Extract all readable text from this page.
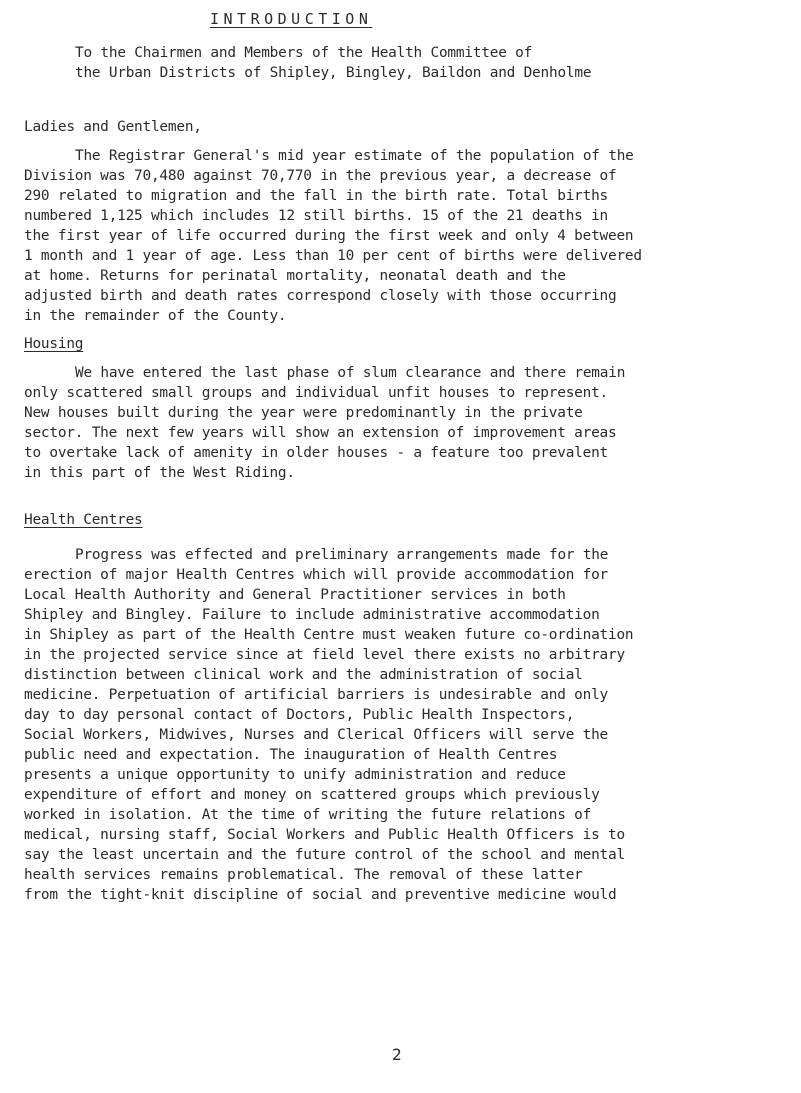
INTRODUCTION
To the Chairmen and Members of the Health Committee of
the Urban Districts of Shipley, Bingley, Baildon and Denholme
Ladies and Gentlemen,
The Registrar General's mid year estimate of the population of the
Division was 70,480 against 70,770 in the previous year, a decrease of
290 related to migration and the fall in the birth rate. Total births
numbered 1,125 which includes 12 still births. 15 of the 21 deaths in
the first year of life occurred during the first week and only 4 between
1 month and 1 year of age. Less than 10 per cent of births were delivered
at home. Returns for perinatal mortality, neonatal death and the
adjusted birth and death rates correspond closely with those occurring
in the remainder of the County.
Housing
We have entered the last phase of slum clearance and there remain
only scattered small groups and individual unfit houses to represent.
New houses built during the year were predominantly in the private
sector. The next few years will show an extension of improvement areas
to overtake lack of amenity in older houses - a feature too prevalent
in this part of the West Riding.
Health Centres
Progress was effected and preliminary arrangements made for the
erection of major Health Centres which will provide accommodation for
Local Health Authority and General Practitioner services in both
Shipley and Bingley. Failure to include administrative accommodation
in Shipley as part of the Health Centre must weaken future co-ordination
in the projected service since at field level there exists no arbitrary
distinction between clinical work and the administration of social
medicine. Perpetuation of artificial barriers is undesirable and only
day to day personal contact of Doctors, Public Health Inspectors,
Social Workers, Midwives, Nurses and Clerical Officers will serve the
public need and expectation. The inauguration of Health Centres
presents a unique opportunity to unify administration and reduce
expenditure of effort and money on scattered groups which previously
worked in isolation. At the time of writing the future relations of
medical, nursing staff, Social Workers and Public Health Officers is to
say the least uncertain and the future control of the school and mental
health services remains problematical. The removal of these latter
from the tight-knit discipline of social and preventive medicine would
2
